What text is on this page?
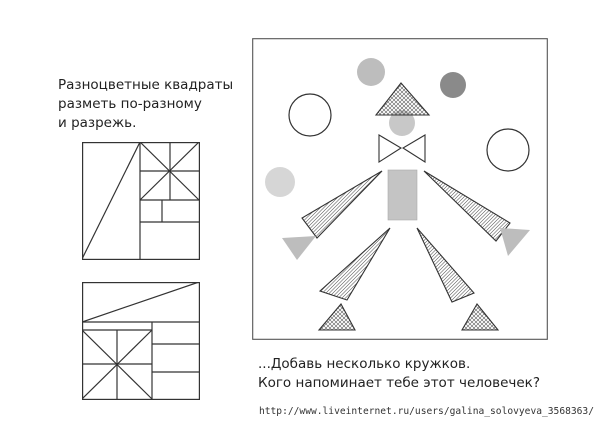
Разноцветные квадраты
разметь по-разному
и разрежь.
...Добавь несколько кружков.
Кого напоминает тебе этот человечек?
http://www.liveinternet.ru/users/galina_solovyeva_3568363/
